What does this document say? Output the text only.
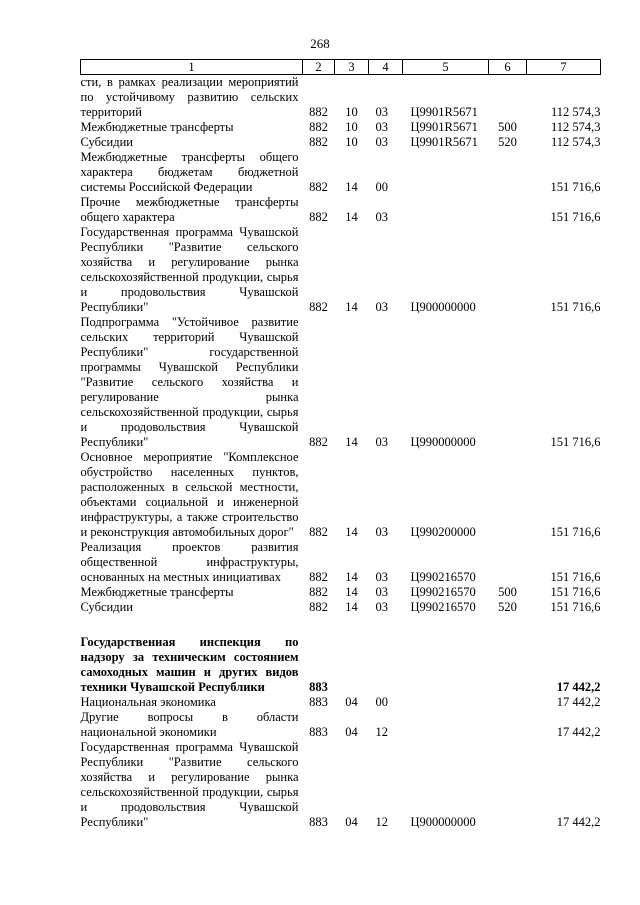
268
1	2	3	4	5	6	7
сти, в рамках реализации мероприятий по устойчивому развитию сельских территорий	882	10	03	Ц9901R5671		112 574,3
Межбюджетные трансферты	882	10	03	Ц9901R5671	500	112 574,3
Субсидии	882	10	03	Ц9901R5671	520	112 574,3
Межбюджетные трансферты общего характера бюджетам бюджетной системы Российской Федерации	882	14	00			151 716,6
Прочие межбюджетные трансферты общего характера	882	14	03			151 716,6
Государственная программа Чувашской Республики "Развитие сельского хозяйства и регулирование рынка сельскохозяйственной продукции, сырья и продовольствия Чувашской Республики"	882	14	03	Ц900000000		151 716,6
Подпрограмма "Устойчивое развитие сельских территорий Чувашской Республики" государственной программы Чувашской Республики "Развитие сельского хозяйства и регулирование рынка сельскохозяйственной продукции, сырья и продовольствия Чувашской Республики"	882	14	03	Ц990000000		151 716,6
Основное мероприятие "Комплексное обустройство населенных пунктов, расположенных в сельской местности, объектами социальной и инженерной инфраструктуры, а также строительство и реконструкция автомобильных дорог"	882	14	03	Ц990200000		151 716,6
Реализация проектов развития общественной инфраструктуры, основанных на местных инициативах	882	14	03	Ц990216570		151 716,6
Межбюджетные трансферты	882	14	03	Ц990216570	500	151 716,6
Субсидии	882	14	03	Ц990216570	520	151 716,6

Государственная инспекция по надзору за техническим состоянием самоходных машин и других видов техники Чувашской Республики	883					17 442,2
Национальная экономика	883	04	00			17 442,2
Другие вопросы в области национальной экономики	883	04	12			17 442,2
Государственная программа Чувашской Республики "Развитие сельского хозяйства и регулирование рынка сельскохозяйственной продукции, сырья и продовольствия Чувашской Республики"	883	04	12	Ц900000000		17 442,2
